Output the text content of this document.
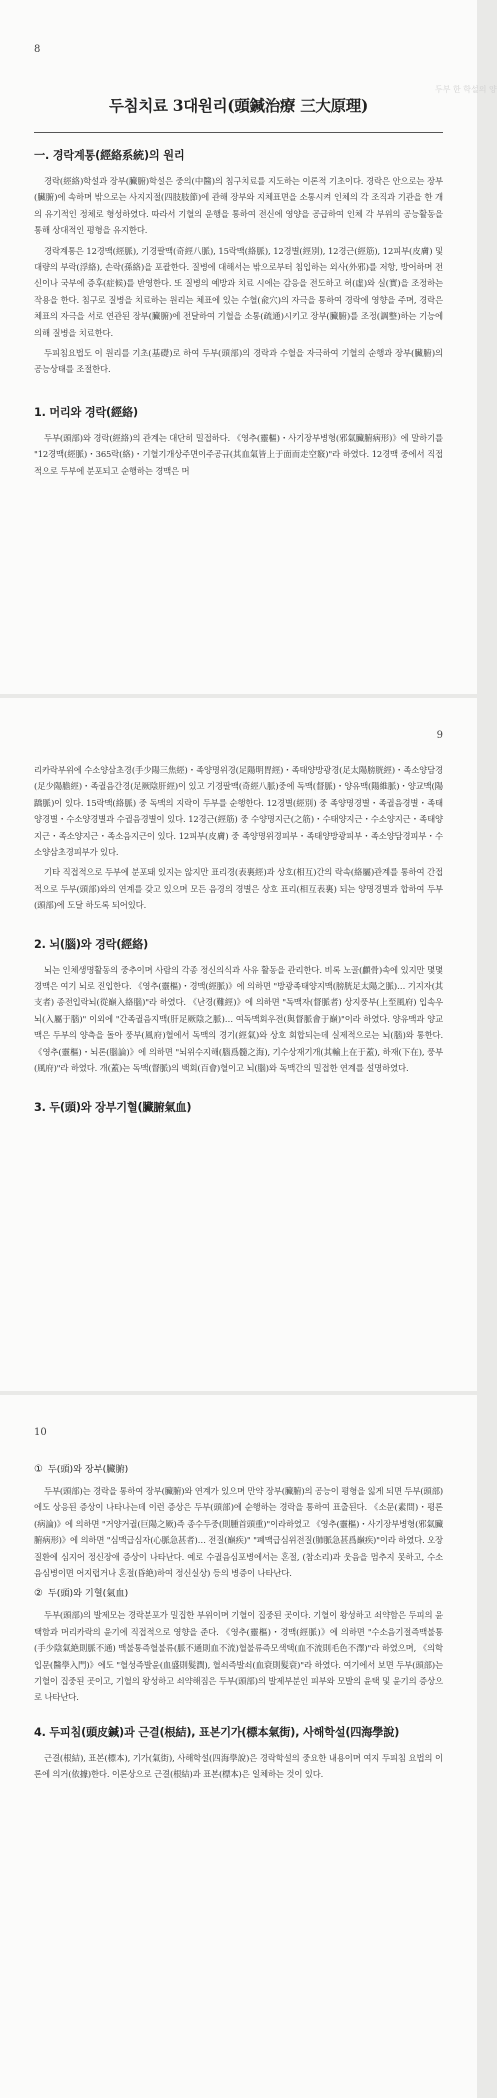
8
두부 한 학설의 양
두침치료 3대원리(頭鍼治療 三大原理)
一. 경락계통(經絡系統)의 원리
경락(經絡)학설과 장부(臟腑)학설은 중의(中醫)의 침구치료를 지도하는 이론적 기초이다. 경락은 안으로는 장부(臟腑)에 속하며 밖으로는 사지지절(四肢肢節)에 관해 장부와 지체표면을 소통시켜 인체의 각 조직과 기관을 한 개의 유기적인 정체로 형성하였다. 따라서 기혈의 운행을 통하여 전신에 영양을 공급하여 인체 각 부위의 공능활동을 통해 상대적인 평형을 유지한다.
경락계통은 12경맥(經脈), 기경팔맥(奇經八脈), 15락맥(絡脈), 12경별(經別), 12경근(經筋), 12피부(皮膚) 및 대량의 부락(浮絡), 손락(孫絡)을 포괄한다. 질병에 대해서는 밖으로부터 침입하는 외사(外邪)를 저항, 방어하며 전신이나 국부에 증후(症候)를 반영한다. 또 질병의 예방과 치료 시에는 감응을 전도하고 허(虛)와 실(實)을 조정하는 작용을 한다. 침구로 질병을 치료하는 원리는 체표에 있는 수혈(兪穴)의 자극을 통하여 경락에 영향을 주며, 경락은 체표의 자극을 서로 연관된 장부(臟腑)에 전달하여 기혈을 소통(疏通)시키고 장부(臟腑)를 조정(調整)하는 기능에 의해 질병을 치료한다.
두피침요법도 이 원리를 기초(基礎)로 하여 두부(頭部)의 경락과 수혈을 자극하여 기혈의 순행과 장부(臟腑)의 공능상태를 조절한다.
1. 머리와 경락(經絡)
두부(頭部)와 경락(經絡)의 관계는 대단히 밀접하다. 《영추(靈樞)・사기장부병형(邪氣臟腑病形)》에 말하기를 "12경맥(經脈)・365락(絡)・기혈기개상주면이주공규(其血氣皆上于面而走空竅)"라 하였다. 12경맥 중에서 직접적으로 두부에 분포되고 순행하는 경맥은 머
9
리카락부위에 수소양삼초경(手少陽三焦經)・족양명위경(足陽明胃經)・족태양방광경(足太陽膀胱經)・족소양담경(足少陽膽經)・족궐음간경(足厥陰肝經)이 있고 기경팔맥(奇經八脈)중에 독맥(督脈)・양유맥(陽維脈)・양교맥(陽蹻脈)이 있다. 15락맥(絡脈) 중 독맥의 지락이 두부를 순행한다. 12경별(經別) 중 족양명경별・족궐음경별・족태양경별・수소양경별과 수궐음경별이 있다. 12경근(經筋) 중 수양명지근(之筋)・수태양지근・수소양지근・족태양지근・족소양지근・족소음지근이 있다. 12피부(皮膚) 중 족양명위경피부・족태양방광피부・족소양담경피부・수소양삼초경피부가 있다.
기타 직접적으로 두부에 분포돼 있지는 않지만 표리경(表裏經)과 상호(相互)간의 락속(絡屬)관계를 통하여 간접적으로 두부(頭部)와의 연계를 갖고 있으며 모든 음경의 경별은 상호 표리(相互表裏) 되는 양명경별과 합하여 두부(頭部)에 도달 하도록 되어있다.
2. 뇌(腦)와 경락(經絡)
뇌는 인체생명활동의 중추이며 사람의 각종 정신의식과 사유 활동을 관리한다. 비록 노골(顱骨)속에 있지만 몇몇 경맥은 여기 뇌로 진입한다. 《영추(靈樞)・경맥(經脈)》에 의하면 "방광족태양지맥(膀胱足太陽之脈)… 기지자(其支者) 종전입락뇌(從巔入絡腦)"라 하였다. 《난경(難經)》에 의하면 "독맥자(督脈者) 상지풍부(上至風府) 입속우뇌(入屬于腦)" 이외에 "간족궐음지맥(肝足厥陰之脈)… 여독맥회우전(與督脈會于巔)"이라 하였다. 양유맥과 양교맥은 두부의 양측을 돌아 풍부(風府)혈에서 독맥의 경기(經氣)와 상호 회합되는데 실제적으로는 뇌(腦)와 통한다. 《영추(靈樞)・뇌론(腦論)》에 의하면 "뇌위수지해(腦爲髓之海), 기수상재기개(其輸上在于蓋), 하재(下在), 풍부(風府)"라 하였다. 개(蓋)는 독맥(督脈)의 백회(百會)혈이고 뇌(腦)와 독맥간의 밀접한 연계를 설명하였다.
3. 두(頭)와 장부기혈(臟腑氣血)
10
① 두(頭)와 장부(臟腑)
두부(頭部)는 경락을 통하여 장부(臟腑)와 연계가 있으며 만약 장부(臟腑)의 공능이 평형을 잃게 되면 두부(頭部)에도 상응된 증상이 나타나는데 이런 증상은 두부(頭部)에 순행하는 경락을 통하여 표출된다. 《소문(素問)・평론(病論)》에 의하면 "거양거궐(巨陽之厥)즉 종수두중(則腫首頭重)"이라하였고 《영추(靈樞)・사기장부병형(邪氣臟腑病形)》에 의하면 "심맥급심자(心脈急甚者)… 전질(巔疾)" "폐맥급심위전질(肺脈急甚爲巔疾)"이라 하였다. 오장질환에 심지어 정신장애 증상이 나타난다. 예로 수궐음심포병에서는 혼절, (참소리)과 웃음을 멈추지 못하고, 수소음심병이면 어지럽거나 혼절(昏絶)하여 정신실상) 등의 병증이 나타난다.
② 두(頭)와 기혈(氣血)
두부(頭部)의 발제모는 경락분포가 밀집한 부위이며 기혈이 집중된 곳이다. 기혈이 왕성하고 쇠약함은 두피의 윤택함과 머리카락의 윤기에 직접적으로 영향을 준다. 《영추(靈樞)・경맥(經脈)》에 의하면 "수소음기절즉맥불통(手少陰氣絶則脈不通) 맥불통즉혈불류(脈不通則血不流)혈불류즉모색택(血不流則毛色不澤)"라 하였으며, 《의학입문(醫學入門)》에도 "혈성즉발윤(血盛則髮潤), 혈쇠즉발쇠(血衰則髮衰)"라 하였다. 여기에서 보면 두부(頭部)는 기혈이 집중된 곳이고, 기혈의 왕성하고 쇠약해짐은 두부(頭部)의 발제부분인 피부와 모발의 윤택 및 윤기의 증상으로 나타난다.
4. 두피침(頭皮鍼)과 근결(根結), 표본기가(標本氣街), 사해학설(四海學說)
근결(根結), 표본(標本), 기가(氣街), 사해학설(四海學說)은 경락학설의 중요한 내용이며 여지 두피침 요법의 이론에 의거(依據)한다. 이론상으로 근결(根結)과 표본(標本)은 일체하는 것이 있다.
